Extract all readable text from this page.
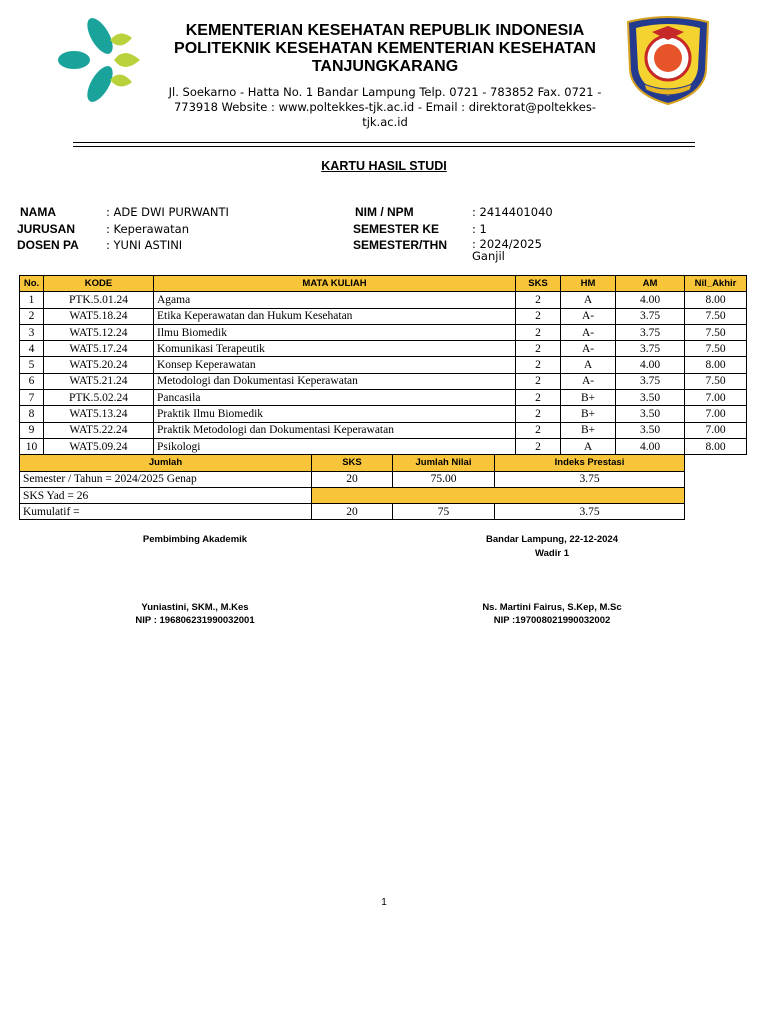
KEMENTERIAN KESEHATAN REPUBLIK INDONESIA
POLITEKNIK KESEHATAN KEMENTERIAN KESEHATAN
TANJUNGKARANG
Jl. Soekarno - Hatta No. 1 Bandar Lampung Telp. 0721 - 783852 Fax. 0721 - 773918 Website : www.poltekkes-tjk.ac.id - Email : direktorat@poltekkes-tjk.ac.id
KARTU HASIL STUDI
NAMA	: ADE DWI PURWANTI
JURUSAN	: Keperawatan
DOSEN PA : YUNI ASTINI
NIM / NPM	: 2414401040
SEMESTER KE	: 1
SEMESTER/THN : 2024/2025
Ganjil
No.	KODE	MATA KULIAH				SKS	HM	AM	Nil_Akhir
1	PTK.5.01.24	Agama				2	A	4.00	8.00
2	WAT5.18.24	Etika Keperawatan dan Hukum Kesehatan				2	A-	3.75	7.50
3	WAT5.12.24	Ilmu Biomedik				2	A-	3.75	7.50
4	WAT5.17.24	Komunikasi Terapeutik				2	A-	3.75	7.50
5	WAT5.20.24	Konsep Keperawatan				2	A	4.00	8.00
6	WAT5.21.24	Metodologi dan Dokumentasi Keperawatan				2	A-	3.75	7.50
7	PTK.5.02.24	Pancasila				2	B+	3.50	7.00
8	WAT5.13.24	Praktik Ilmu Biomedik				2	B+	3.50	7.00
9	WAT5.22.24	Praktik Metodologi dan Dokumentasi Keperawatan				2	B+	3.50	7.00
10	WAT5.09.24	Psikologi				2	A	4.00	8.00
Jumlah			SKS	Jumlah Nilai	Indeks Prestasi				
Semester / Tahun = 2024/2025 Genap			20	75.00	3.75				
SKS Yad = 26									
Kumulatif =			20	75	3.75				
Pembimbing Akademik
Yuniastini, SKM., M.Kes
NIP : 196806231990032001
Bandar Lampung, 22-12-2024
Wadir 1
Ns. Martini Fairus, S.Kep, M.Sc
NIP :197008021990032002
1
